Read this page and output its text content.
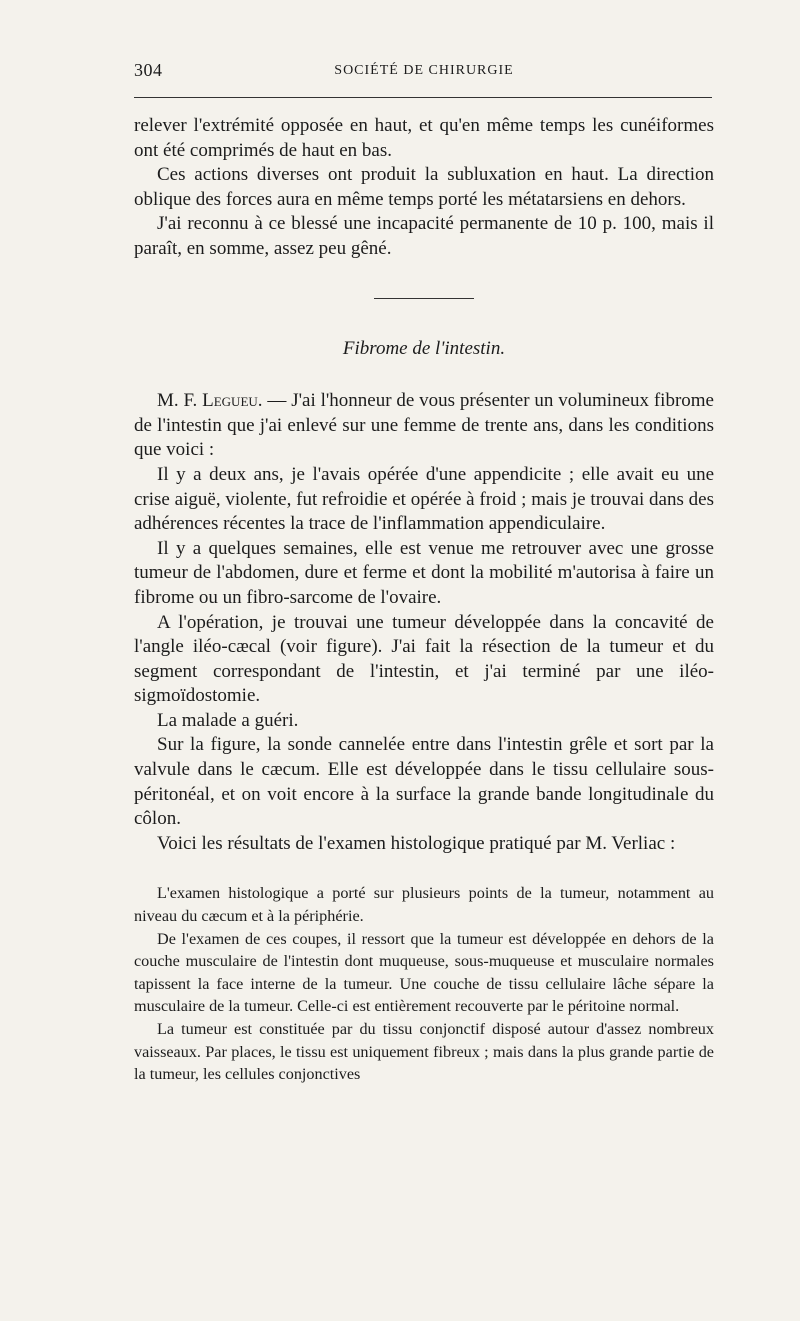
304	SOCIÉTÉ DE CHIRURGIE

relever l'extrémité opposée en haut, et qu'en même temps les cunéiformes ont été comprimés de haut en bas.

Ces actions diverses ont produit la subluxation en haut. La direction oblique des forces aura en même temps porté les métatarsiens en dehors.

J'ai reconnu à ce blessé une incapacité permanente de 10 p. 100, mais il paraît, en somme, assez peu gêné.

Fibrome de l'intestin.

M. F. Legueu. — J'ai l'honneur de vous présenter un volumineux fibrome de l'intestin que j'ai enlevé sur une femme de trente ans, dans les conditions que voici :

Il y a deux ans, je l'avais opérée d'une appendicite ; elle avait eu une crise aiguë, violente, fut refroidie et opérée à froid ; mais je trouvai dans des adhérences récentes la trace de l'inflammation appendiculaire.

Il y a quelques semaines, elle est venue me retrouver avec une grosse tumeur de l'abdomen, dure et ferme et dont la mobilité m'autorisa à faire un fibrome ou un fibro-sarcome de l'ovaire.

A l'opération, je trouvai une tumeur développée dans la concavité de l'angle iléo-cæcal (voir figure). J'ai fait la résection de la tumeur et du segment correspondant de l'intestin, et j'ai terminé par une iléo-sigmoïdostomie.

La malade a guéri.

Sur la figure, la sonde cannelée entre dans l'intestin grêle et sort par la valvule dans le cæcum. Elle est développée dans le tissu cellulaire sous-péritonéal, et on voit encore à la surface la grande bande longitudinale du côlon.

Voici les résultats de l'examen histologique pratiqué par M. Verliac :

L'examen histologique a porté sur plusieurs points de la tumeur, notamment au niveau du cæcum et à la périphérie.

De l'examen de ces coupes, il ressort que la tumeur est développée en dehors de la couche musculaire de l'intestin dont muqueuse, sous-muqueuse et musculaire normales tapissent la face interne de la tumeur. Une couche de tissu cellulaire lâche sépare la musculaire de la tumeur. Celle-ci est entièrement recouverte par le péritoine normal.

La tumeur est constituée par du tissu conjonctif disposé autour d'assez nombreux vaisseaux. Par places, le tissu est uniquement fibreux ; mais dans la plus grande partie de la tumeur, les cellules conjonctives
